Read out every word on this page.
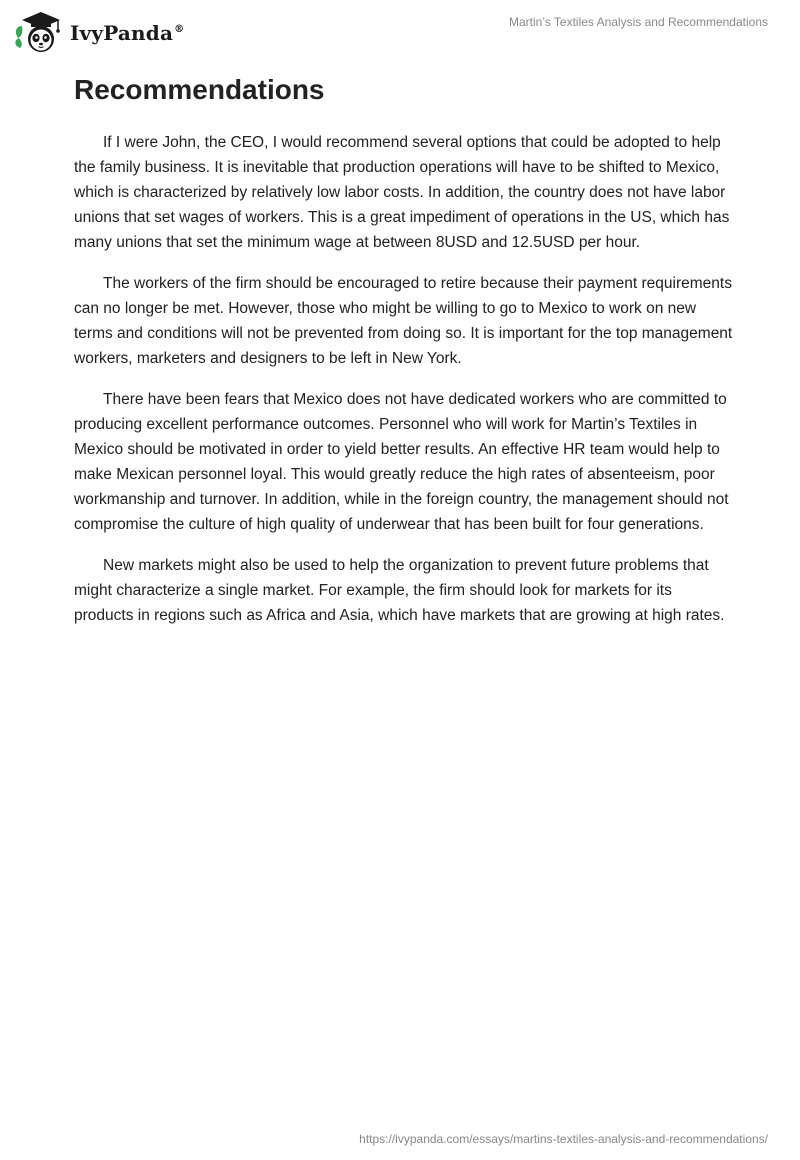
IvyPanda®
Martin’s Textiles Analysis and Recommendations
Recommendations

If I were John, the CEO, I would recommend several options that could be adopted to help the family business. It is inevitable that production operations will have to be shifted to Mexico, which is characterized by relatively low labor costs. In addition, the country does not have labor unions that set wages of workers. This is a great impediment of operations in the US, which has many unions that set the minimum wage at between 8USD and 12.5USD per hour.

The workers of the firm should be encouraged to retire because their payment requirements can no longer be met. However, those who might be willing to go to Mexico to work on new terms and conditions will not be prevented from doing so. It is important for the top management workers, marketers and designers to be left in New York.

There have been fears that Mexico does not have dedicated workers who are committed to producing excellent performance outcomes. Personnel who will work for Martin’s Textiles in Mexico should be motivated in order to yield better results. An effective HR team would help to make Mexican personnel loyal. This would greatly reduce the high rates of absenteeism, poor workmanship and turnover. In addition, while in the foreign country, the management should not compromise the culture of high quality of underwear that has been built for four generations.

New markets might also be used to help the organization to prevent future problems that might characterize a single market. For example, the firm should look for markets for its products in regions such as Africa and Asia, which have markets that are growing at high rates.

https://ivypanda.com/essays/martins-textiles-analysis-and-recommendations/
